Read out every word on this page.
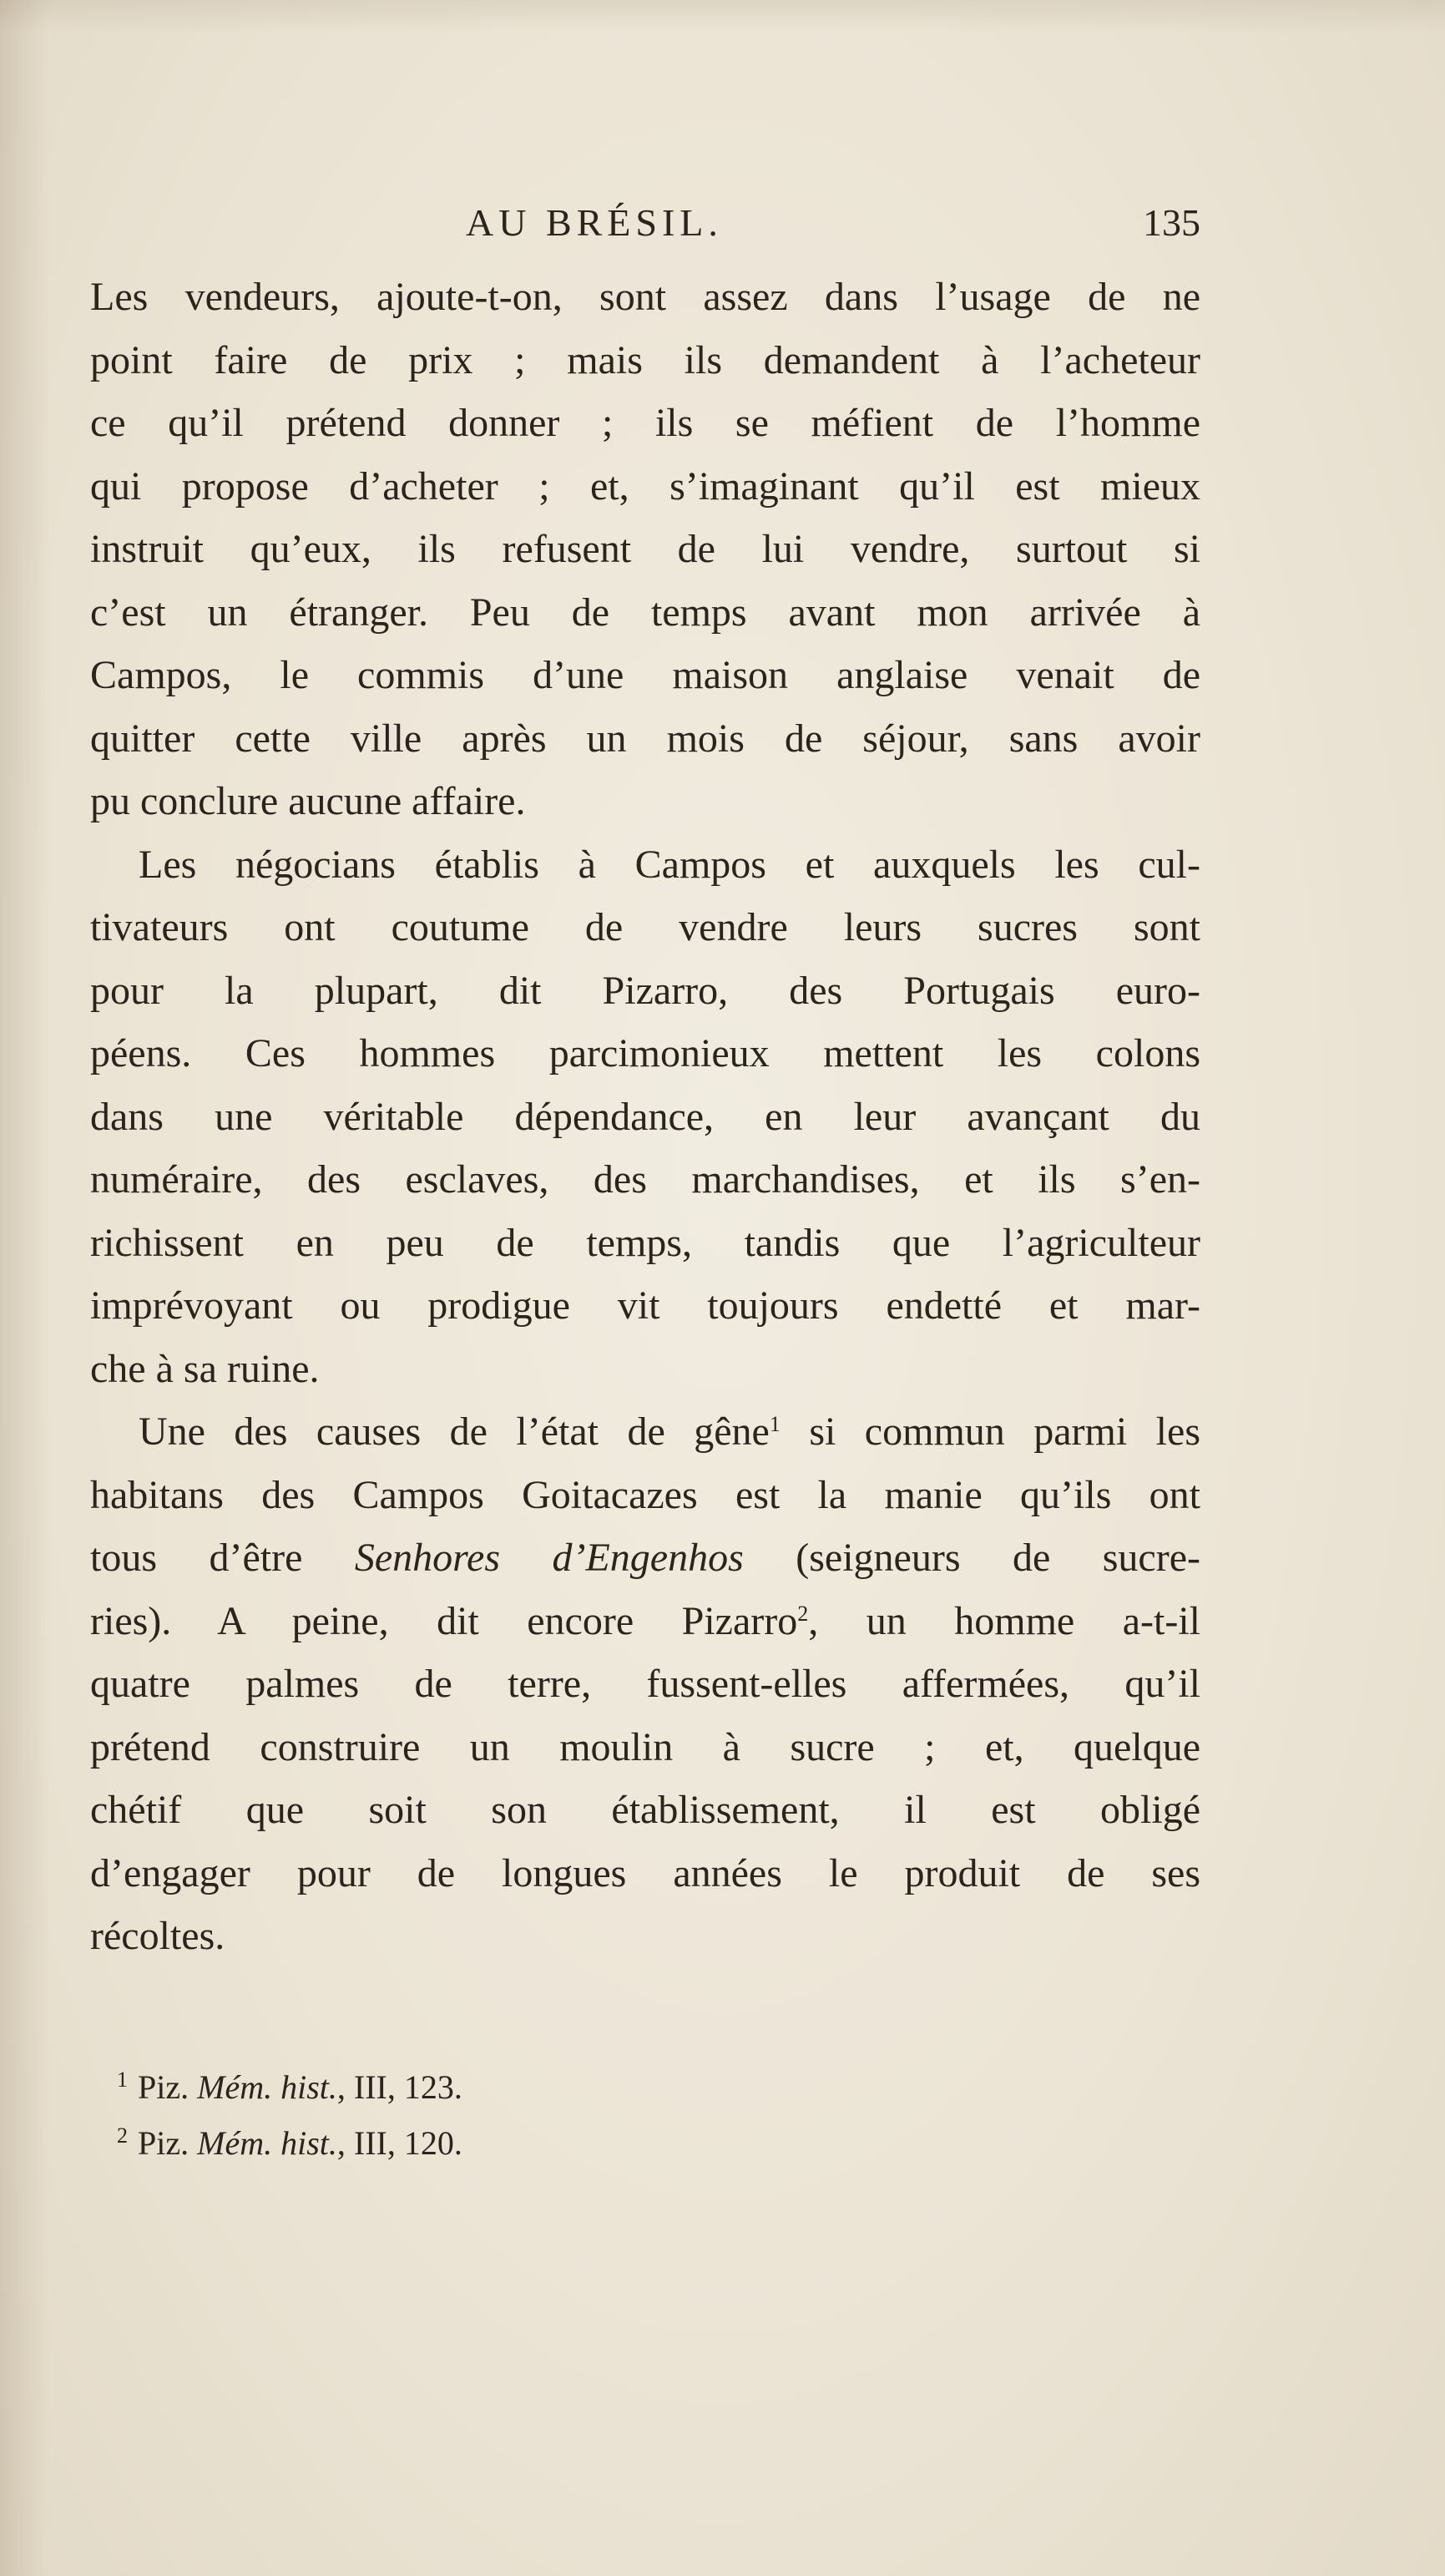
AU BRÉSIL.	135

Les vendeurs, ajoute-t-on, sont assez dans l’usage de ne
point faire de prix ; mais ils demandent à l’acheteur
ce qu’il prétend donner ; ils se méfient de l’homme
qui propose d’acheter ; et, s’imaginant qu’il est mieux
instruit qu’eux, ils refusent de lui vendre, surtout si
c’est un étranger. Peu de temps avant mon arrivée à
Campos, le commis d’une maison anglaise venait de
quitter cette ville après un mois de séjour, sans avoir
pu conclure aucune affaire.

Les négocians établis à Campos et auxquels les cul-
tivateurs ont coutume de vendre leurs sucres sont
pour la plupart, dit Pizarro, des Portugais euro-
péens. Ces hommes parcimonieux mettent les colons
dans une véritable dépendance, en leur avançant du
numéraire, des esclaves, des marchandises, et ils s’en-
richissent en peu de temps, tandis que l’agriculteur
imprévoyant ou prodigue vit toujours endetté et mar-
che à sa ruine.

Une des causes de l’état de gêne$^1$ si commun parmi les
habitans des Campos Goitacazes est la manie qu’ils ont
tous d’être Senhores d’Engenhos (seigneurs de sucre-
ries). A peine, dit encore Pizarro$^2$, un homme a-t-il
quatre palmes de terre, fussent-elles affermées, qu’il
prétend construire un moulin à sucre ; et, quelque
chétif que soit son établissement, il est obligé
d’engager pour de longues années le produit de ses
récoltes.

$^1$ Piz. Mém. hist., III, 123.
$^2$ Piz. Mém. hist., III, 120.
